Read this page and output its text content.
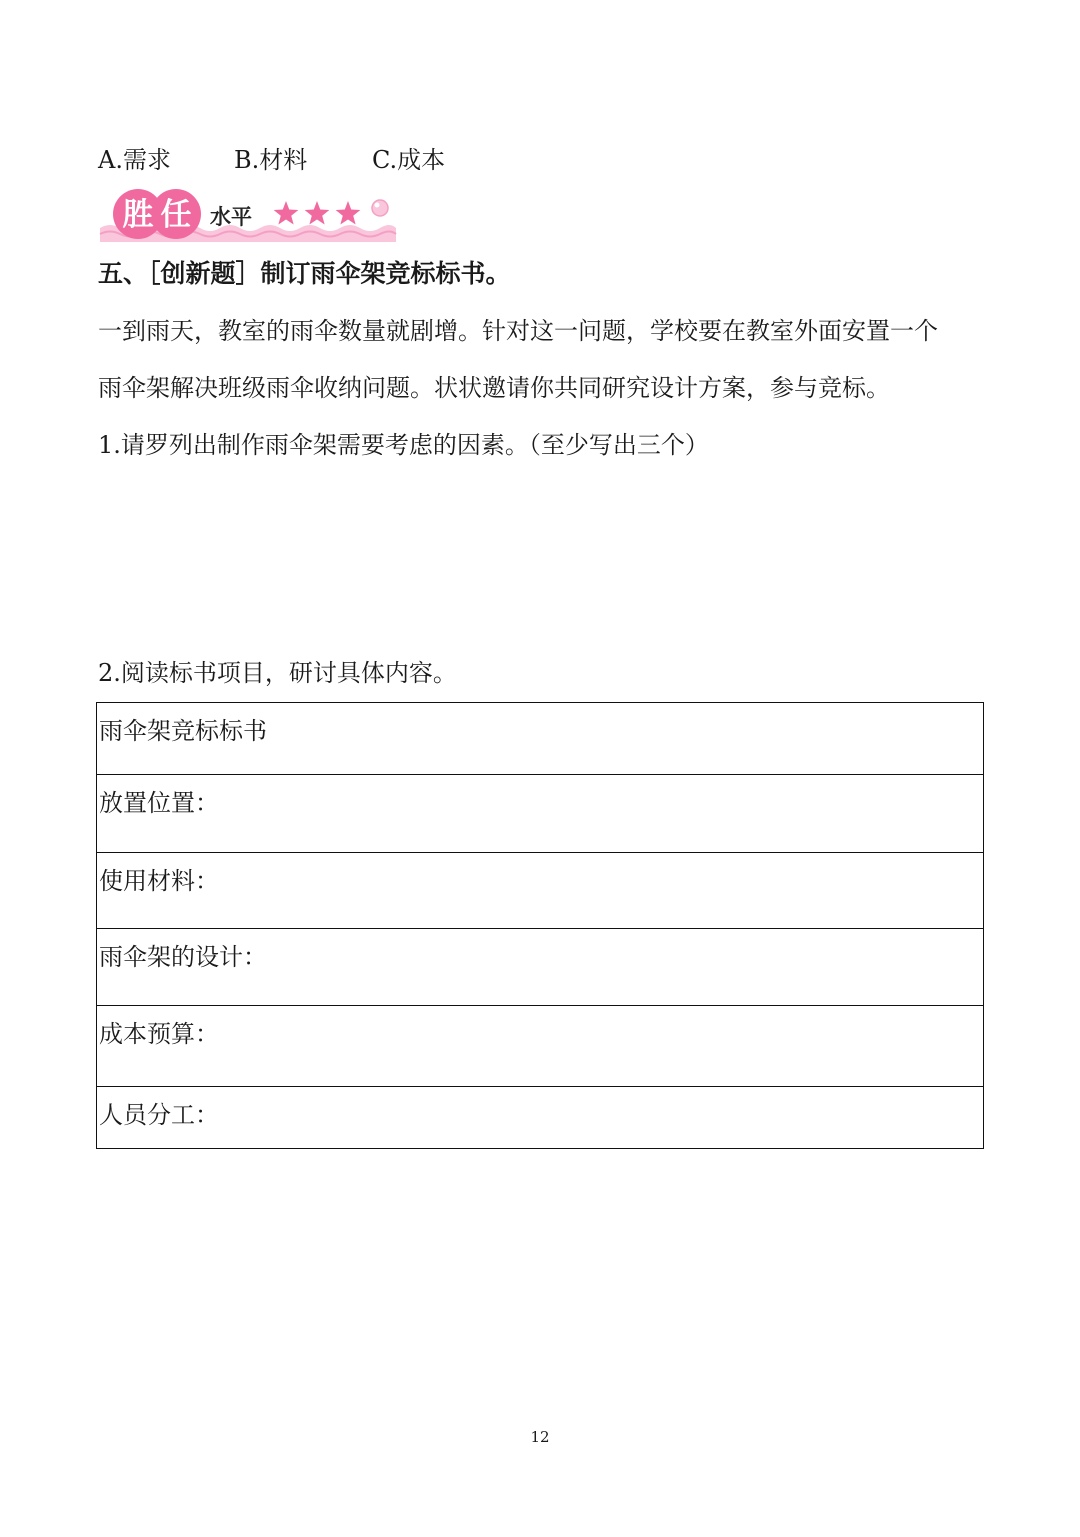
A.需求	B.材料	C.成本
胜 任 水平
五、［创新题］制订雨伞架竞标标书。
一到雨天，教室的雨伞数量就剧增。针对这一问题，学校要在教室外面安置一个
雨伞架解决班级雨伞收纳问题。状状邀请你共同研究设计方案，参与竞标。
1.请罗列出制作雨伞架需要考虑的因素。（至少写出三个）
2.阅读标书项目，研讨具体内容。
雨伞架竞标标书
放置位置：
使用材料：
雨伞架的设计：
成本预算：
人员分工：
12
